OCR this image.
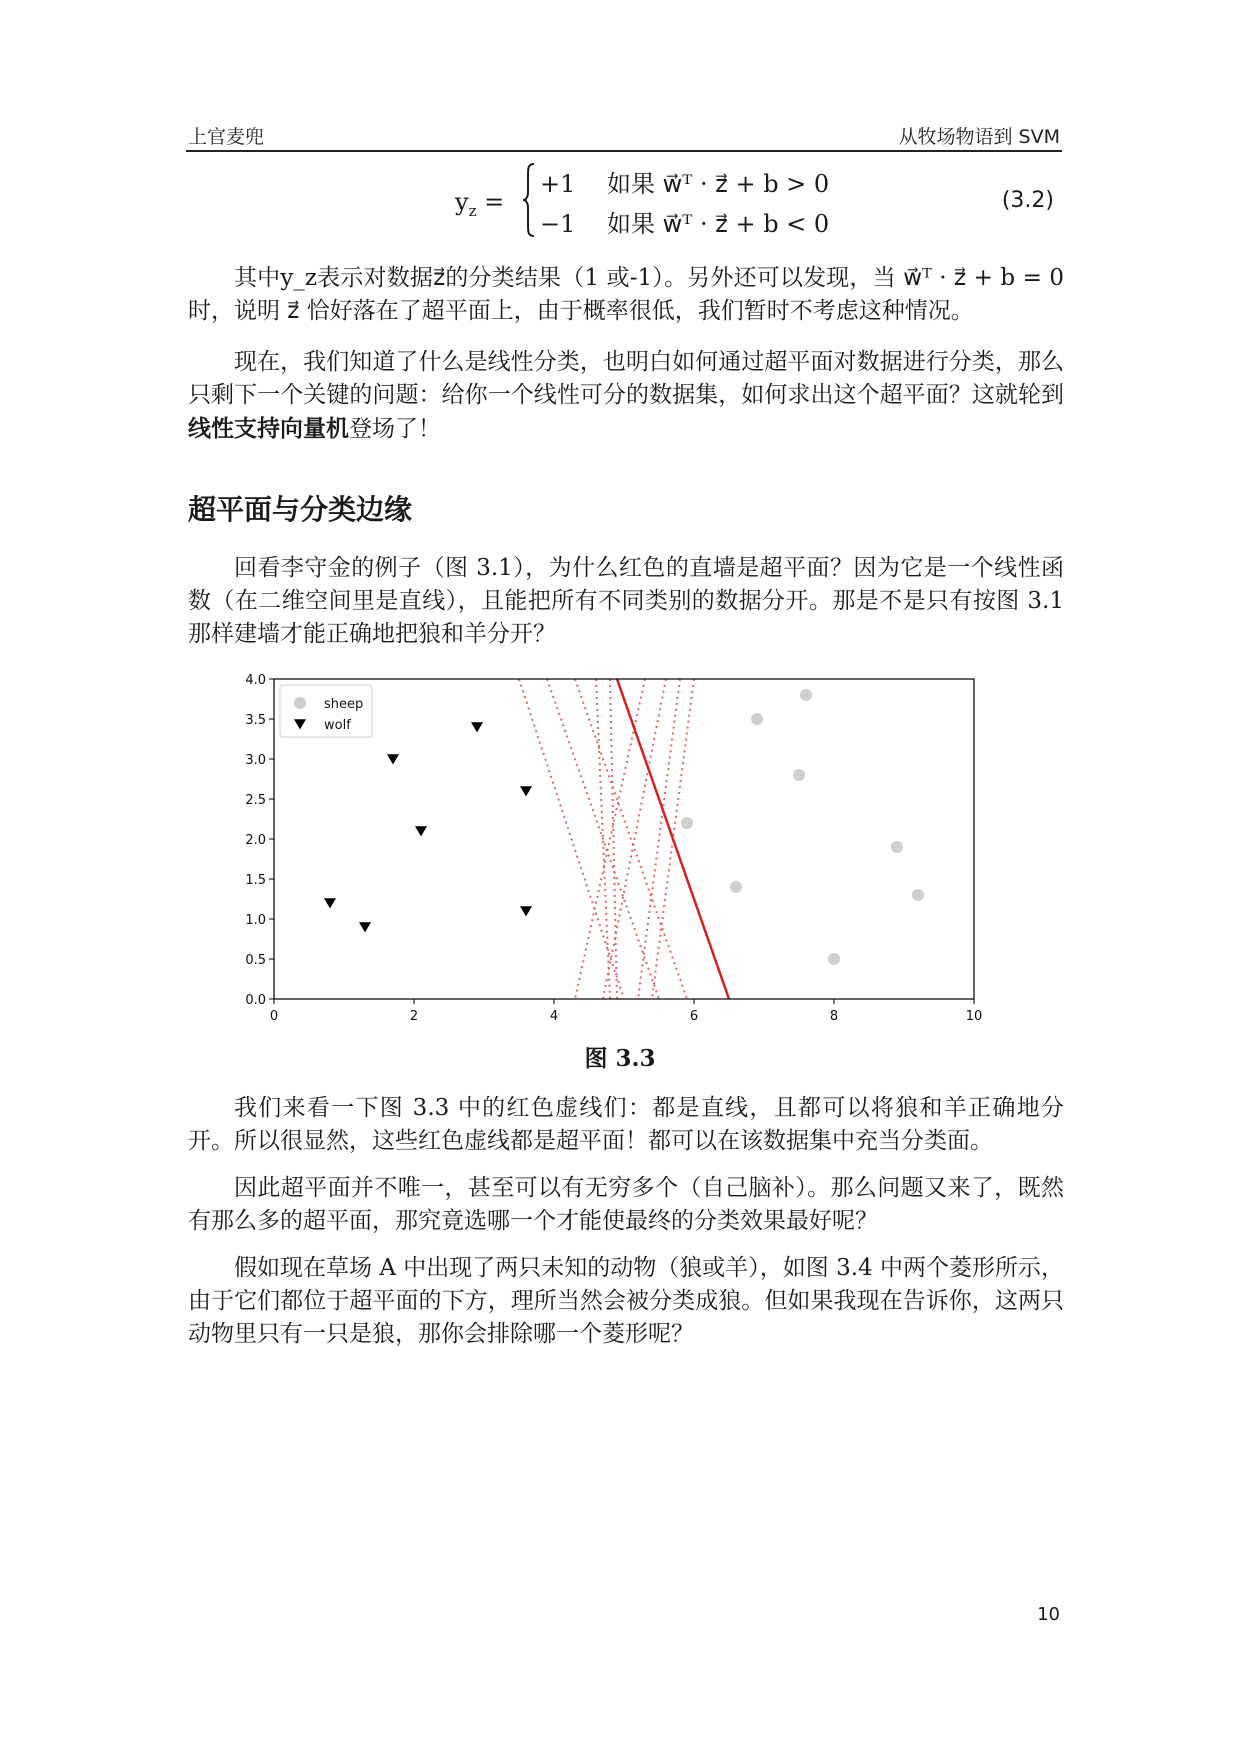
上官麦兜	从牧场物语到 SVM
$y_z$ =
+1　 如果 w⃗ᵀ · z⃗ + b > 0
−1　 如果 w⃗ᵀ · z⃗ + b < 0
(3.2)
其中y_z表示对数据z⃗的分类结果（1 或-1）。另外还可以发现，当 w⃗ᵀ · z⃗ + b = 0 时，说明 z⃗ 恰好落在了超平面上，由于概率很低，我们暂时不考虑这种情况。
现在，我们知道了什么是线性分类，也明白如何通过超平面对数据进行分类，那么只剩下一个关键的问题：给你一个线性可分的数据集，如何求出这个超平面？这就轮到线性支持向量机登场了！
超平面与分类边缘
回看李守金的例子（图 3.1），为什么红色的直墙是超平面？因为它是一个线性函数（在二维空间里是直线），且能把所有不同类别的数据分开。那是不是只有按图 3.1 那样建墙才能正确地把狼和羊分开？
0	2	4	6	8	10
0.0
0.5
1.0
1.5
2.0
2.5
3.0
3.5
4.0
sheep
wolf
图 3.3
我们来看一下图 3.3 中的红色虚线们：都是直线，且都可以将狼和羊正确地分开。所以很显然，这些红色虚线都是超平面！都可以在该数据集中充当分类面。
因此超平面并不唯一，甚至可以有无穷多个（自己脑补）。那么问题又来了，既然有那么多的超平面，那究竟选哪一个才能使最终的分类效果最好呢？
假如现在草场 A 中出现了两只未知的动物（狼或羊），如图 3.4 中两个菱形所示，由于它们都位于超平面的下方，理所当然会被分类成狼。但如果我现在告诉你，这两只动物里只有一只是狼，那你会排除哪一个菱形呢？
10
